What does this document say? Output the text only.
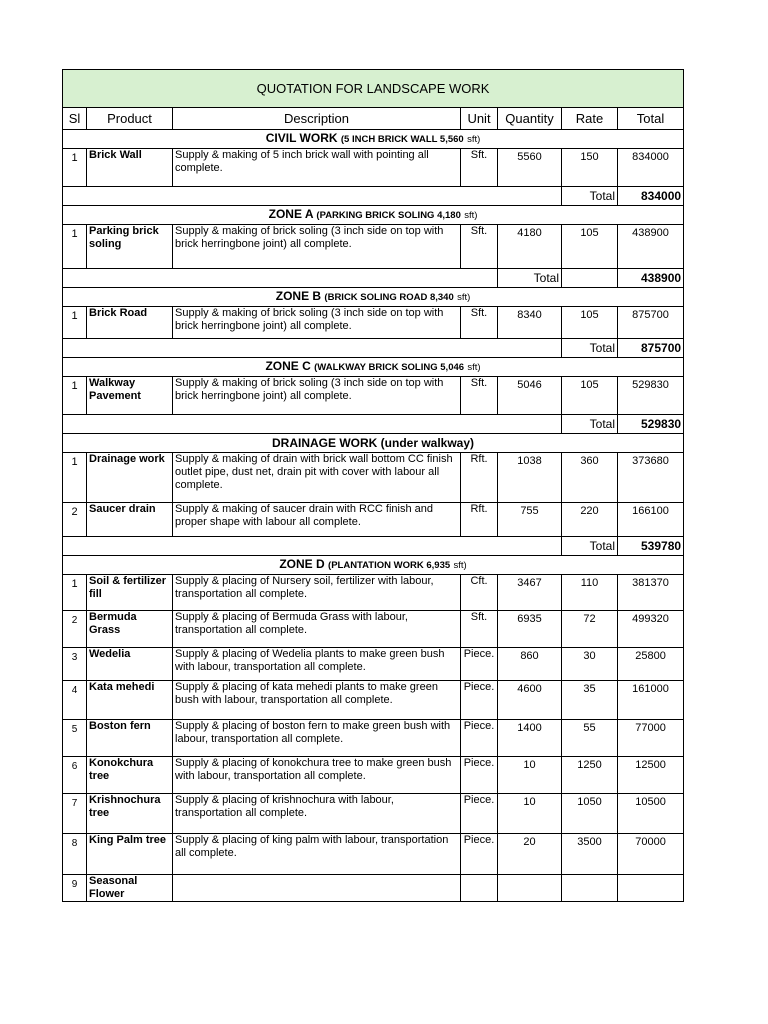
QUOTATION FOR LANDSCAPE WORK						
Sl	Product	Description	Unit	Quantity	Rate	Total
CIVIL WORK (5 INCH BRICK WALL 5,560 sft)						
1	Brick Wall	Supply & making of 5 inch brick wall with pointing all complete.	Sft.	5560	150	834000
					Total	834000
ZONE A (PARKING BRICK SOLING 4,180 sft)						
1	Parking brick soling	Supply & making of brick soling (3 inch side on top with brick herringbone joint) all complete.	Sft.	4180	105	438900
				Total		438900
ZONE B (BRICK SOLING ROAD 8,340 sft)						
1	Brick Road	Supply & making of brick soling (3 inch side on top with brick herringbone joint) all complete.	Sft.	8340	105	875700
					Total	875700
ZONE C (WALKWAY BRICK SOLING 5,046 sft)						
1	Walkway Pavement	Supply & making of brick soling (3 inch side on top with brick herringbone joint) all complete.	Sft.	5046	105	529830
					Total	529830
DRAINAGE WORK (under walkway)						
1	Drainage work	Supply & making of drain with brick wall bottom CC finish outlet pipe, dust net, drain pit with cover with labour all complete.	Rft.	1038	360	373680
2	Saucer drain	Supply & making of saucer drain with RCC finish and proper shape with labour all complete.	Rft.	755	220	166100
					Total	539780
ZONE D (PLANTATION WORK 6,935 sft)						
1	Soil & fertilizer fill	Supply & placing of Nursery soil, fertilizer with labour, transportation all complete.	Cft.	3467	110	381370
2	Bermuda Grass	Supply & placing of Bermuda Grass with labour, transportation all complete.	Sft.	6935	72	499320
3	Wedelia	Supply & placing of Wedelia plants to make green bush with labour, transportation all complete.	Piece.	860	30	25800
4	Kata mehedi	Supply & placing of kata mehedi plants to make green bush with labour, transportation all complete.	Piece.	4600	35	161000
5	Boston fern	Supply & placing of boston fern to make green bush with labour, transportation all complete.	Piece.	1400	55	77000
6	Konokchura tree	Supply & placing of konokchura tree to make green bush with labour, transportation all complete.	Piece.	10	1250	12500
7	Krishnochura tree	Supply & placing of krishnochura with labour, transportation all complete.	Piece.	10	1050	10500
8	King Palm tree	Supply & placing of king palm with labour, transportation all complete.	Piece.	20	3500	70000
9	Seasonal Flower					
